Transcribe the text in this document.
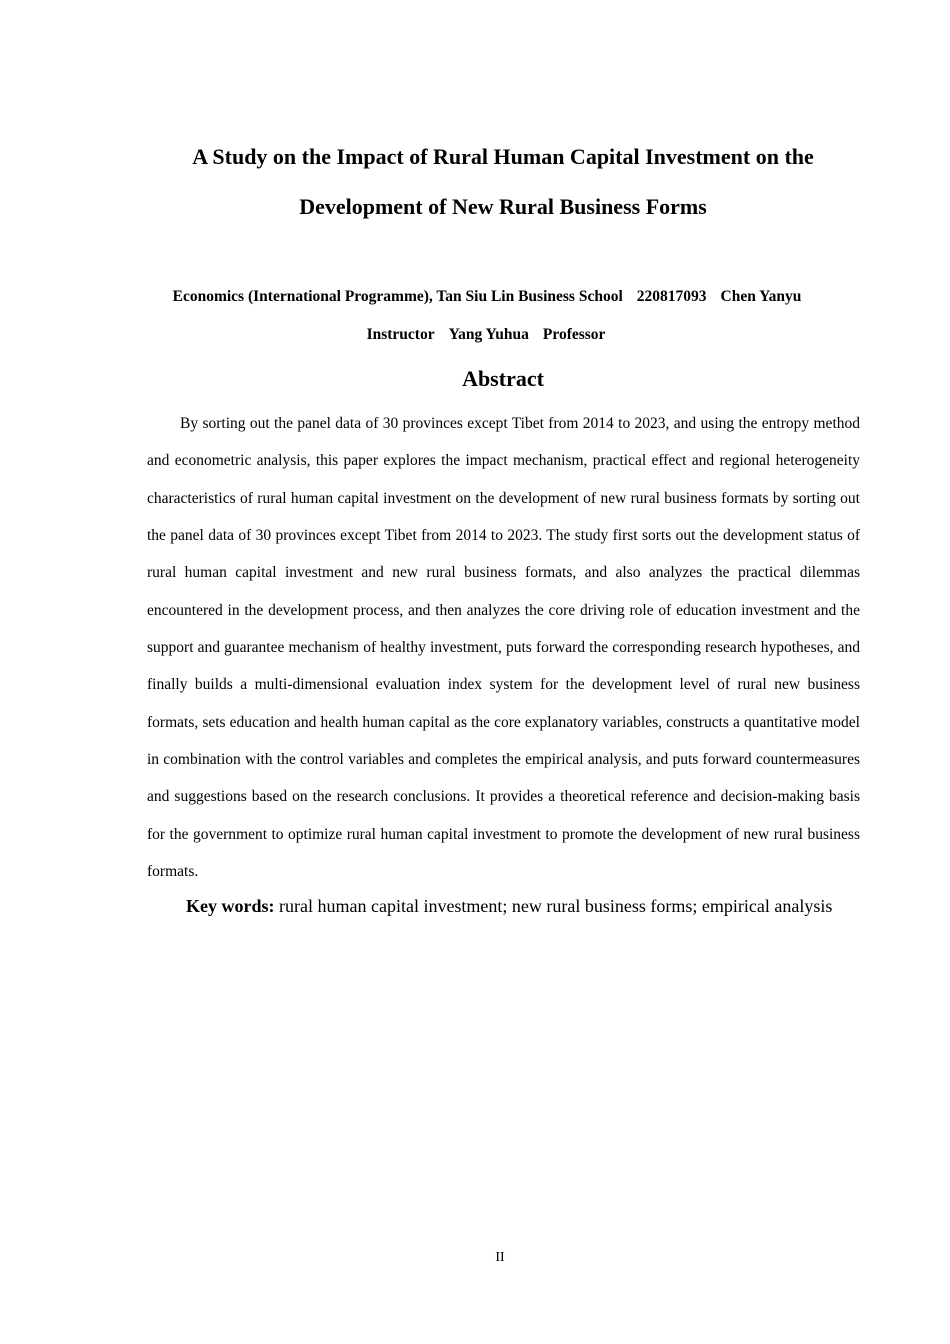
A Study on the Impact of Rural Human Capital Investment on the
Development of New Rural Business Forms
Economics (International Programme), Tan Siu Lin Business School 220817093 Chen Yanyu
Instructor Yang Yuhua Professor
Abstract

By sorting out the panel data of 30 provinces except Tibet from 2014 to 2023, and using the entropy method and econometric analysis, this paper explores the impact mechanism, practical effect and regional heterogeneity characteristics of rural human capital investment on the development of new rural business formats by sorting out the panel data of 30 provinces except Tibet from 2014 to 2023. The study first sorts out the development status of rural human capital investment and new rural business formats, and also analyzes the practical dilemmas encountered in the development process, and then analyzes the core driving role of education investment and the support and guarantee mechanism of healthy investment, puts forward the corresponding research hypotheses, and finally builds a multi-dimensional evaluation index system for the development level of rural new business formats, sets education and health human capital as the core explanatory variables, constructs a quantitative model in combination with the control variables and completes the empirical analysis, and puts forward countermeasures and suggestions based on the research conclusions. It provides a theoretical reference and decision-making basis for the government to optimize rural human capital investment to promote the development of new rural business formats.

Key words: rural human capital investment; new rural business forms; empirical analysis
II
